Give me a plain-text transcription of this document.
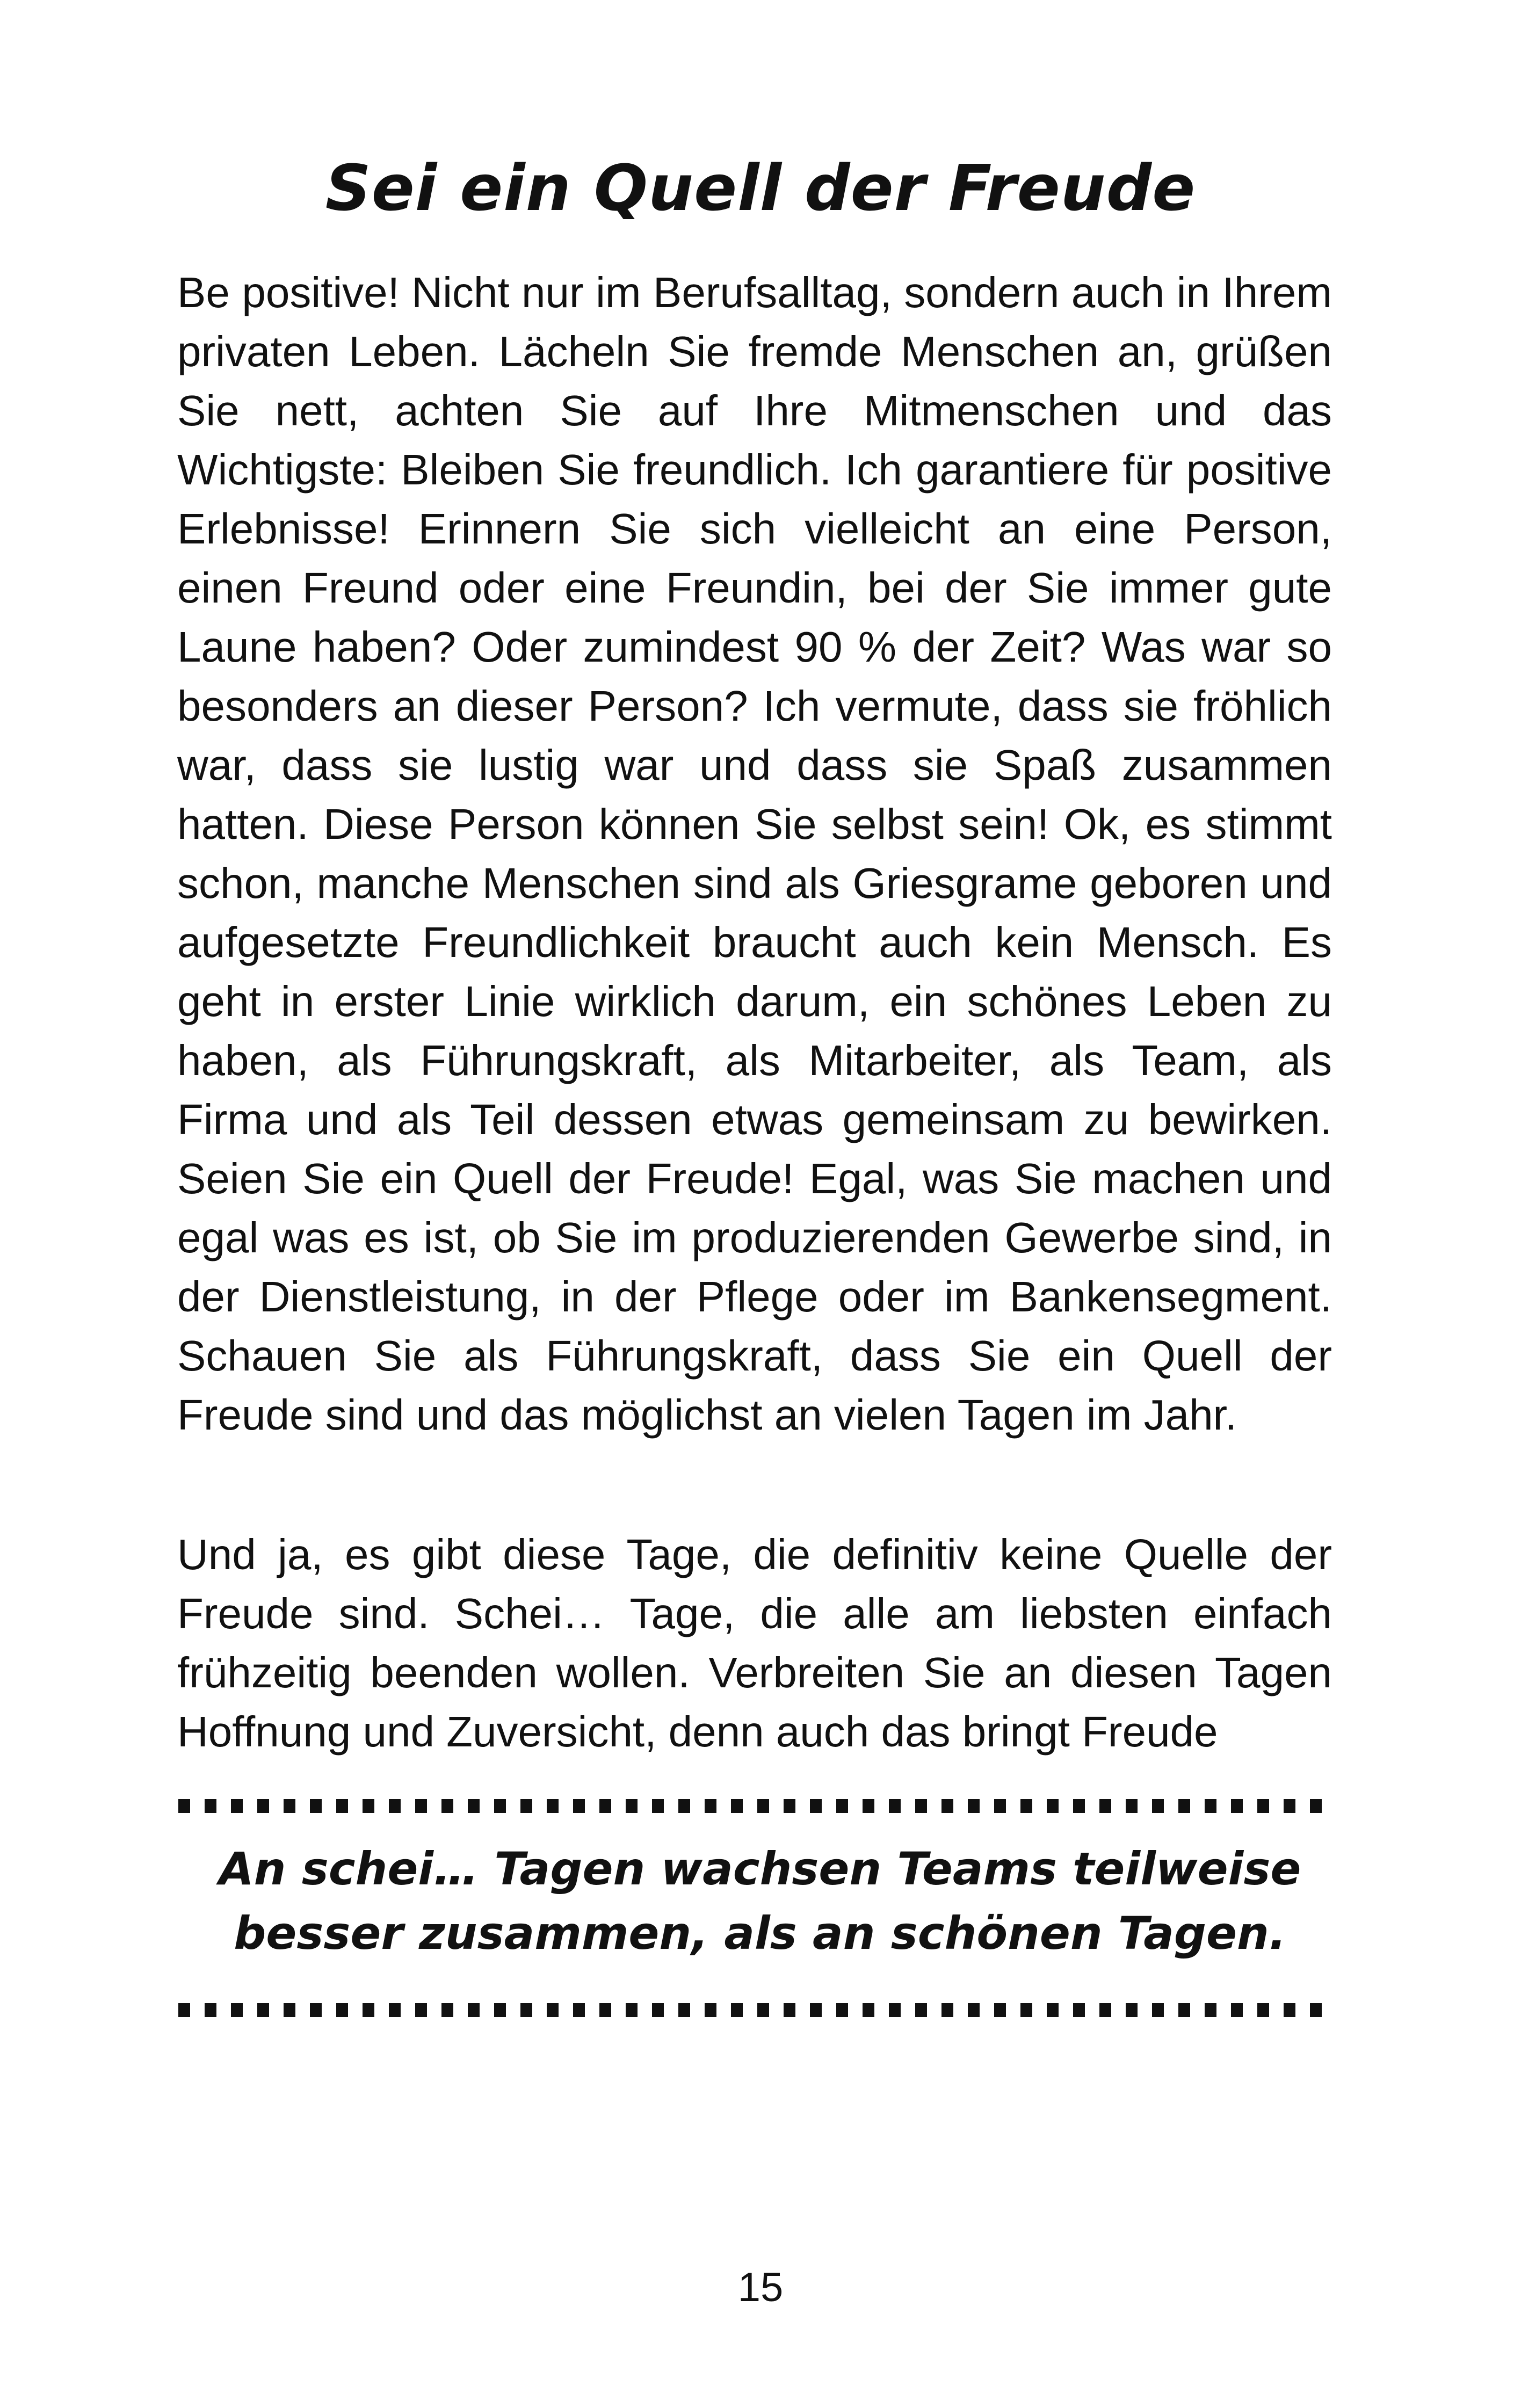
Sei ein Quell der Freude

Be positive! Nicht nur im Berufsalltag, sondern auch in Ihrem privaten Leben. Lächeln Sie fremde Menschen an, grüßen Sie nett, achten Sie auf Ihre Mitmenschen und das Wichtigste: Bleiben Sie freundlich. Ich garantiere für positive Erlebnisse! Erinnern Sie sich vielleicht an eine Person, einen Freund oder eine Freundin, bei der Sie immer gute Laune haben? Oder zumindest 90 % der Zeit? Was war so besonders an dieser Person? Ich vermute, dass sie fröhlich war, dass sie lustig war und dass sie Spaß zusammen hatten. Diese Person können Sie selbst sein! Ok, es stimmt schon, manche Menschen sind als Griesgrame geboren und aufgesetzte Freundlichkeit braucht auch kein Mensch. Es geht in erster Linie wirklich darum, ein schönes Leben zu haben, als Führungskraft, als Mitarbeiter, als Team, als Firma und als Teil dessen etwas gemeinsam zu bewirken. Seien Sie ein Quell der Freude! Egal, was Sie machen und egal was es ist, ob Sie im produzierenden Gewerbe sind, in der Dienstleistung, in der Pflege oder im Bankensegment. Schauen Sie als Führungskraft, dass Sie ein Quell der Freude sind und das möglichst an vielen Tagen im Jahr.

Und ja, es gibt diese Tage, die definitiv keine Quelle der Freude sind. Schei… Tage, die alle am liebsten einfach frühzeitig beenden wollen. Verbreiten Sie an diesen Tagen Hoffnung und Zuversicht, denn auch das bringt Freude

An schei… Tagen wachsen Teams teilweise
besser zusammen, als an schönen Tagen.

15
